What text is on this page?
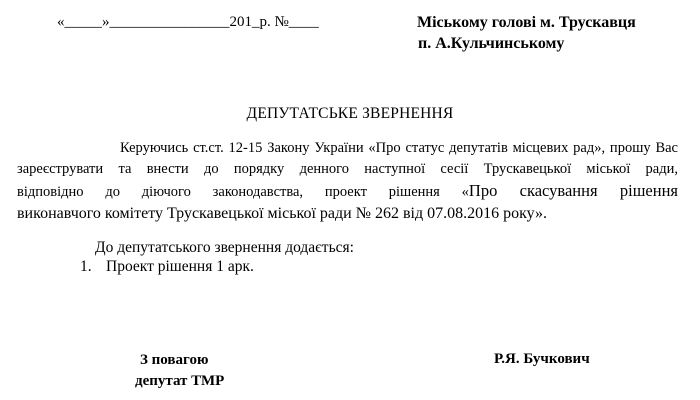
«_____»________________201_р. №____	Міському голові м. Трускавця
п. А.Кульчинському
ДЕПУТАТСЬКЕ ЗВЕРНЕННЯ
Керуючись ст.ст. 12-15 Закону України «Про статус депутатів місцевих рад», прошу Вас
зареєструвати та внести до порядку денного наступної сесії Трускавецької міської ради,
відповідно до діючого законодавства, проект рішення «Про скасування рішення
виконавчого комітету Трускавецької міської ради № 262 від 07.08.2016 року».
До депутатського звернення додається:
1. Проект рішення 1 арк.
З повагою
депутат ТМР
Р.Я. Бучкович
